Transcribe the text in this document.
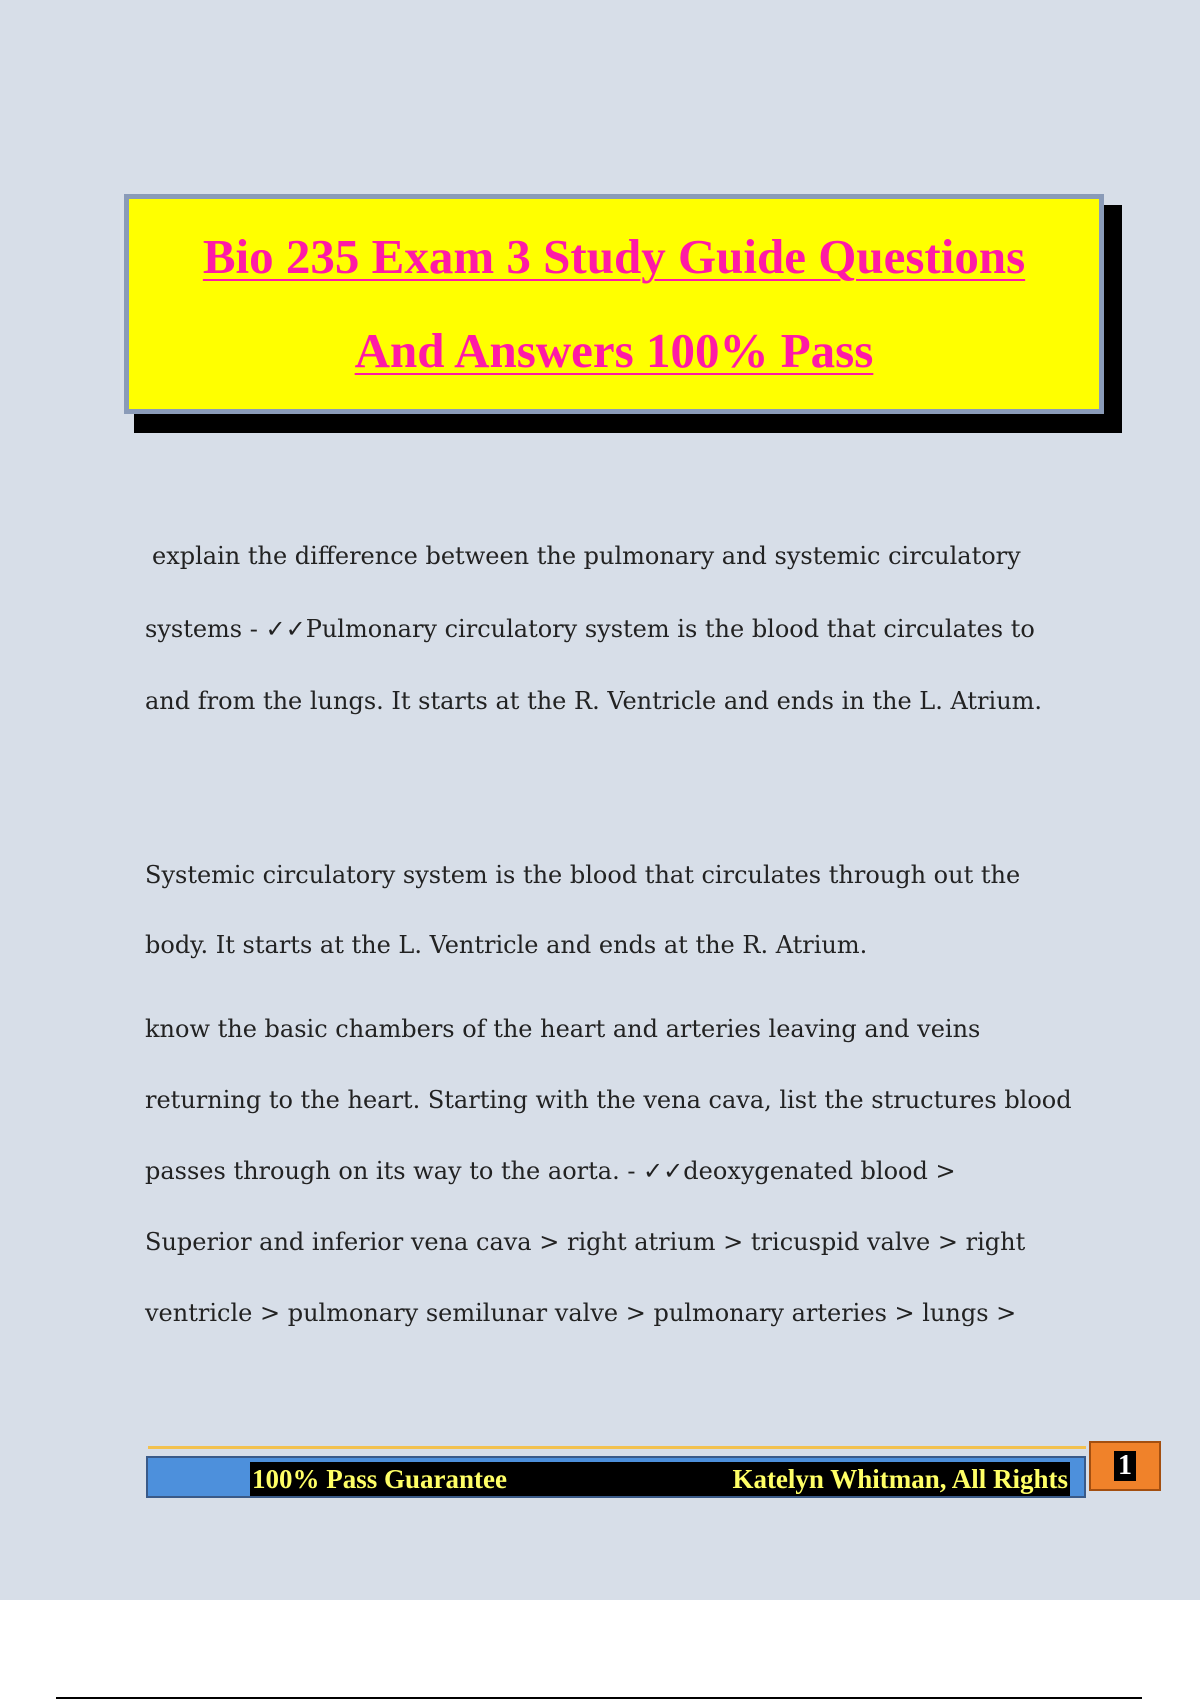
Bio 235 Exam 3 Study Guide Questions
And Answers 100% Pass
explain the difference between the pulmonary and systemic circulatory
systems - ✓✓Pulmonary circulatory system is the blood that circulates to
and from the lungs. It starts at the R. Ventricle and ends in the L. Atrium.
Systemic circulatory system is the blood that circulates through out the
body. It starts at the L. Ventricle and ends at the R. Atrium.
know the basic chambers of the heart and arteries leaving and veins
returning to the heart. Starting with the vena cava, list the structures blood
passes through on its way to the aorta. - ✓✓deoxygenated blood >
Superior and inferior vena cava > right atrium > tricuspid valve > right
ventricle > pulmonary semilunar valve > pulmonary arteries > lungs >
100% Pass Guarantee	Katelyn Whitman, All Rights 1
